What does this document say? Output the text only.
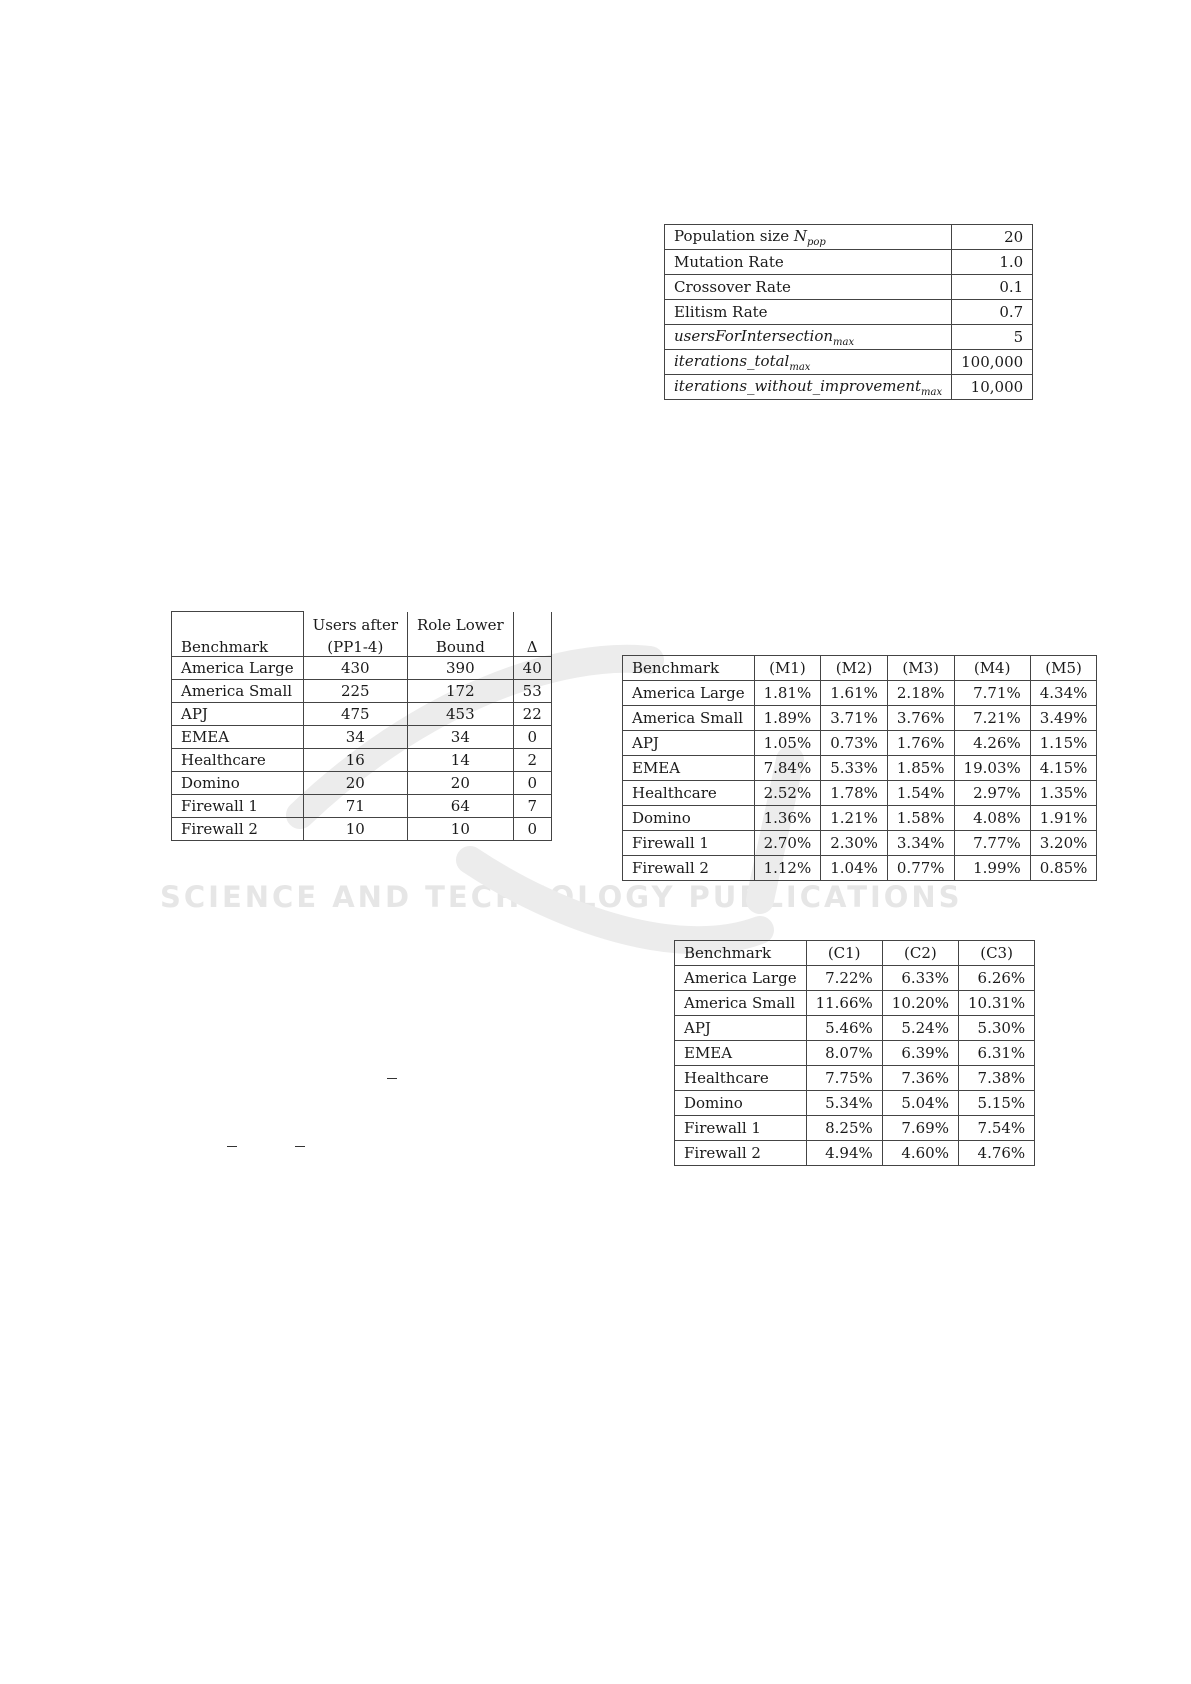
SCIENCE AND TECHNOLOGY PUBLICATIONS
Population size $N_{pop}$	20
Mutation Rate	1.0
Crossover Rate	0.1
Elitism Rate	0.7
usersForIntersection$_{max}$	5
iterations_total$_{max}$	100,000
iterations_without_improvement$_{max}$	10,000
	Users after	Role Lower	
Benchmark	(PP1-4)	Bound	Δ
America Large	430	390	40
America Small	225	172	53
APJ	475	453	22
EMEA	34	34	0
Healthcare	16	14	2
Domino	20	20	0
Firewall 1	71	64	7
Firewall 2	10	10	0
Benchmark	(M1)	(M2)	(M3)	(M4)	(M5)
America Large	1.81%	1.61%	2.18%	7.71%	4.34%
America Small	1.89%	3.71%	3.76%	7.21%	3.49%
APJ	1.05%	0.73%	1.76%	4.26%	1.15%
EMEA	7.84%	5.33%	1.85%	19.03%	4.15%
Healthcare	2.52%	1.78%	1.54%	2.97%	1.35%
Domino	1.36%	1.21%	1.58%	4.08%	1.91%
Firewall 1	2.70%	2.30%	3.34%	7.77%	3.20%
Firewall 2	1.12%	1.04%	0.77%	1.99%	0.85%
Benchmark	(C1)	(C2)	(C3)
America Large	7.22%	6.33%	6.26%
America Small	11.66%	10.20%	10.31%
APJ	5.46%	5.24%	5.30%
EMEA	8.07%	6.39%	6.31%
Healthcare	7.75%	7.36%	7.38%
Domino	5.34%	5.04%	5.15%
Firewall 1	8.25%	7.69%	7.54%
Firewall 2	4.94%	4.60%	4.76%
